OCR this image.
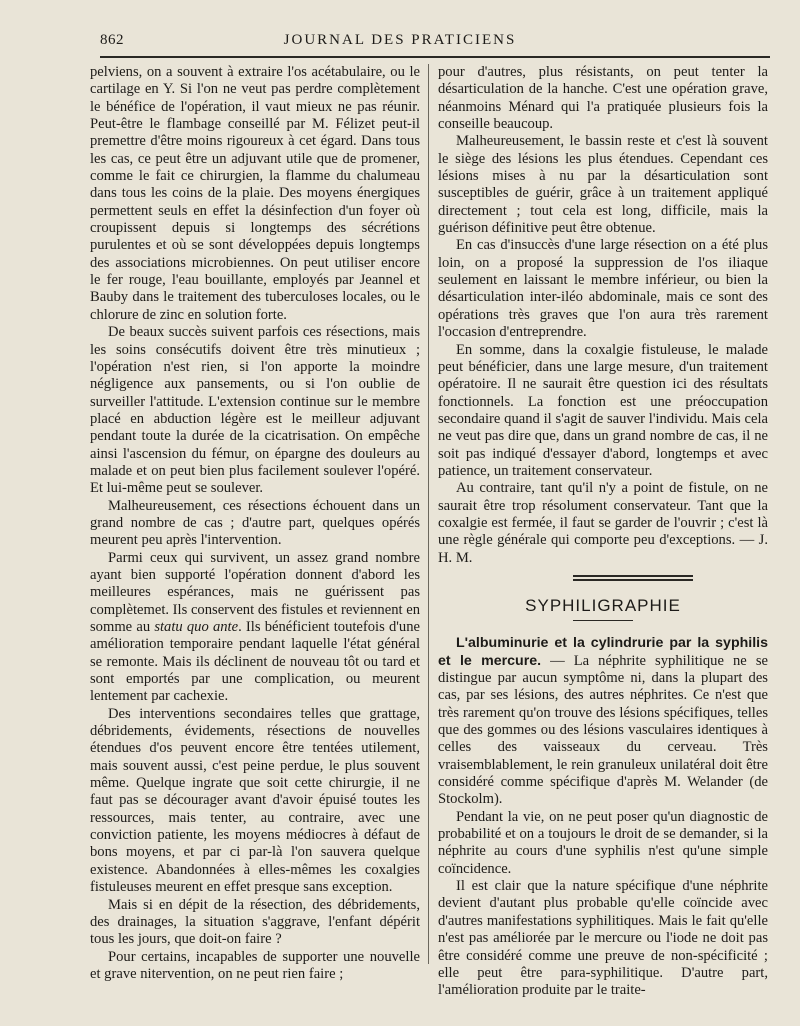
862	JOURNAL DES PRATICIENS

pelviens, on a souvent à extraire l'os acétabulaire, ou le cartilage en Y. Si l'on ne veut pas perdre complètement le bénéfice de l'opération, il vaut mieux ne pas réunir. Peut-être le flambage conseillé par M. Félizet peut-il premettre d'être moins rigoureux à cet égard. Dans tous les cas, ce peut être un adjuvant utile que de promener, comme le fait ce chirurgien, la flamme du chalumeau dans tous les coins de la plaie. Des moyens énergiques permettent seuls en effet la désinfection d'un foyer où croupissent depuis si longtemps des sécrétions purulentes et où se sont développées depuis longtemps des associations microbiennes. On peut utiliser encore le fer rouge, l'eau bouillante, employés par Jeannel et Bauby dans le traitement des tuberculoses locales, ou le chlorure de zinc en solution forte.

De beaux succès suivent parfois ces résections, mais les soins consécutifs doivent être très minutieux ; l'opération n'est rien, si l'on apporte la moindre négligence aux pansements, ou si l'on oublie de surveiller l'attitude. L'extension continue sur le membre placé en abduction légère est le meilleur adjuvant pendant toute la durée de la cicatrisation. On empêche ainsi l'ascension du fémur, on épargne des douleurs au malade et on peut bien plus facilement soulever l'opéré. Et lui-même peut se soulever.

Malheureusement, ces résections échouent dans un grand nombre de cas ; d'autre part, quelques opérés meurent peu après l'intervention.

Parmi ceux qui survivent, un assez grand nombre ayant bien supporté l'opération donnent d'abord les meilleures espérances, mais ne guérissent pas complètemet. Ils conservent des fistules et reviennent en somme au statu quo ante. Ils bénéficient toutefois d'une amélioration temporaire pendant laquelle l'état général se remonte. Mais ils déclinent de nouveau tôt ou tard et sont emportés par une complication, ou meurent lentement par cachexie.

Des interventions secondaires telles que grattage, débridements, évidements, résections de nouvelles étendues d'os peuvent encore être tentées utilement, mais souvent aussi, c'est peine perdue, le plus souvent même. Quelque ingrate que soit cette chirurgie, il ne faut pas se décourager avant d'avoir épuisé toutes les ressources, mais tenter, au contraire, avec une conviction patiente, les moyens médiocres à défaut de bons moyens, et par ci par-là l'on sauvera quelque existence. Abandonnées à elles-mêmes les coxalgies fistuleuses meurent en effet presque sans exception.

Mais si en dépit de la résection, des débridements, des drainages, la situation s'aggrave, l'enfant dépérit tous les jours, que doit-on faire ?

Pour certains, incapables de supporter une nouvelle et grave nitervention, on ne peut rien faire ;

pour d'autres, plus résistants, on peut tenter la désarticulation de la hanche. C'est une opération grave, néanmoins Ménard qui l'a pratiquée plusieurs fois la conseille beaucoup.

Malheureusement, le bassin reste et c'est là souvent le siège des lésions les plus étendues. Cependant ces lésions mises à nu par la désarticulation sont susceptibles de guérir, grâce à un traitement appliqué directement ; tout cela est long, difficile, mais la guérison définitive peut être obtenue.

En cas d'insuccès d'une large résection on a été plus loin, on a proposé la suppression de l'os iliaque seulement en laissant le membre inférieur, ou bien la désarticulation inter-iléo abdominale, mais ce sont des opérations très graves que l'on aura très rarement l'occasion d'entreprendre.

En somme, dans la coxalgie fistuleuse, le malade peut bénéficier, dans une large mesure, d'un traitement opératoire. Il ne saurait être question ici des résultats fonctionnels. La fonction est une préoccupation secondaire quand il s'agit de sauver l'individu. Mais cela ne veut pas dire que, dans un grand nombre de cas, il ne soit pas indiqué d'essayer d'abord, longtemps et avec patience, un traitement conservateur.

Au contraire, tant qu'il n'y a point de fistule, on ne saurait être trop résolument conservateur. Tant que la coxalgie est fermée, il faut se garder de l'ouvrir ; c'est là une règle générale qui comporte peu d'exceptions. — J. H. M.

SYPHILIGRAPHIE

L'albuminurie et la cylindrurie par la syphilis et le mercure. — La néphrite syphilitique ne se distingue par aucun symptôme ni, dans la plupart des cas, par ses lésions, des autres néphrites. Ce n'est que très rarement qu'on trouve des lésions spécifiques, telles que des gommes ou des lésions vasculaires identiques à celles des vaisseaux du cerveau. Très vraisemblablement, le rein granuleux unilatéral doit être considéré comme spécifique d'après M. Welander (de Stockolm).

Pendant la vie, on ne peut poser qu'un diagnostic de probabilité et on a toujours le droit de se demander, si la néphrite au cours d'une syphilis n'est qu'une simple coïncidence.

Il est clair que la nature spécifique d'une néphrite devient d'autant plus probable qu'elle coïncide avec d'autres manifestations syphilitiques. Mais le fait qu'elle n'est pas améliorée par le mercure ou l'iode ne doit pas être considéré comme une preuve de non-spécificité ; elle peut être para-syphilitique. D'autre part, l'amélioration produite par le traite-
